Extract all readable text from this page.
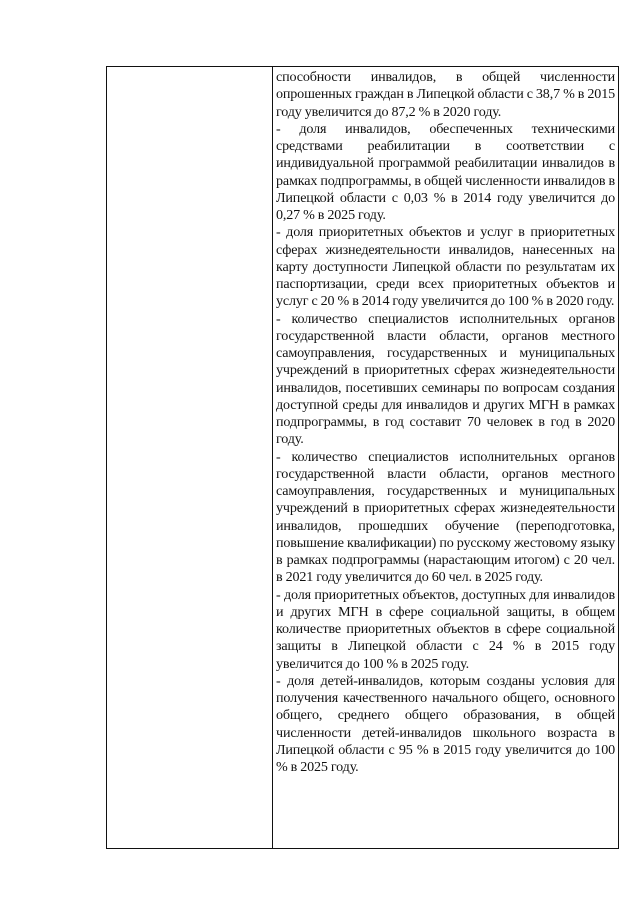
способности инвалидов, в общей численности опрошенных граждан в Липецкой области с 38,7 % в 2015 году увеличится до 87,2 % в 2020 году.

- доля инвалидов, обеспеченных техническими средствами реабилитации в соответствии с индивидуальной программой реабилитации инвалидов в рамках подпрограммы, в общей численности инвалидов в Липецкой области с 0,03 % в 2014 году увеличится до 0,27 % в 2025 году.

- доля приоритетных объектов и услуг в приоритетных сферах жизнедеятельности инвалидов, нанесенных на карту доступности Липецкой области по результатам их паспортизации, среди всех приоритетных объектов и услуг с 20 % в 2014 году увеличится до 100 % в 2020 году.

- количество специалистов исполнительных органов государственной власти области, органов местного самоуправления, государственных и муниципальных учреждений в приоритетных сферах жизнедеятельности инвалидов, посетивших семинары по вопросам создания доступной среды для инвалидов и других МГН в рамках подпрограммы, в год составит 70 человек в год в 2020 году.

- количество специалистов исполнительных органов государственной власти области, органов местного самоуправления, государственных и муниципальных учреждений в приоритетных сферах жизнедеятельности инвалидов, прошедших обучение (переподготовка, повышение квалификации) по русскому жестовому языку в рамках подпрограммы (нарастающим итогом) с 20 чел. в 2021 году увеличится до 60 чел. в 2025 году.

- доля приоритетных объектов, доступных для инвалидов и других МГН в сфере социальной защиты, в общем количестве приоритетных объектов в сфере социальной защиты в Липецкой области с 24 % в 2015 году увеличится до 100 % в 2025 году.

- доля детей-инвалидов, которым созданы условия для получения качественного начального общего, основного общего, среднего общего образования, в общей численности детей-инвалидов школьного возраста в Липецкой области с 95 % в 2015 году увеличится до 100 % в 2025 году.
